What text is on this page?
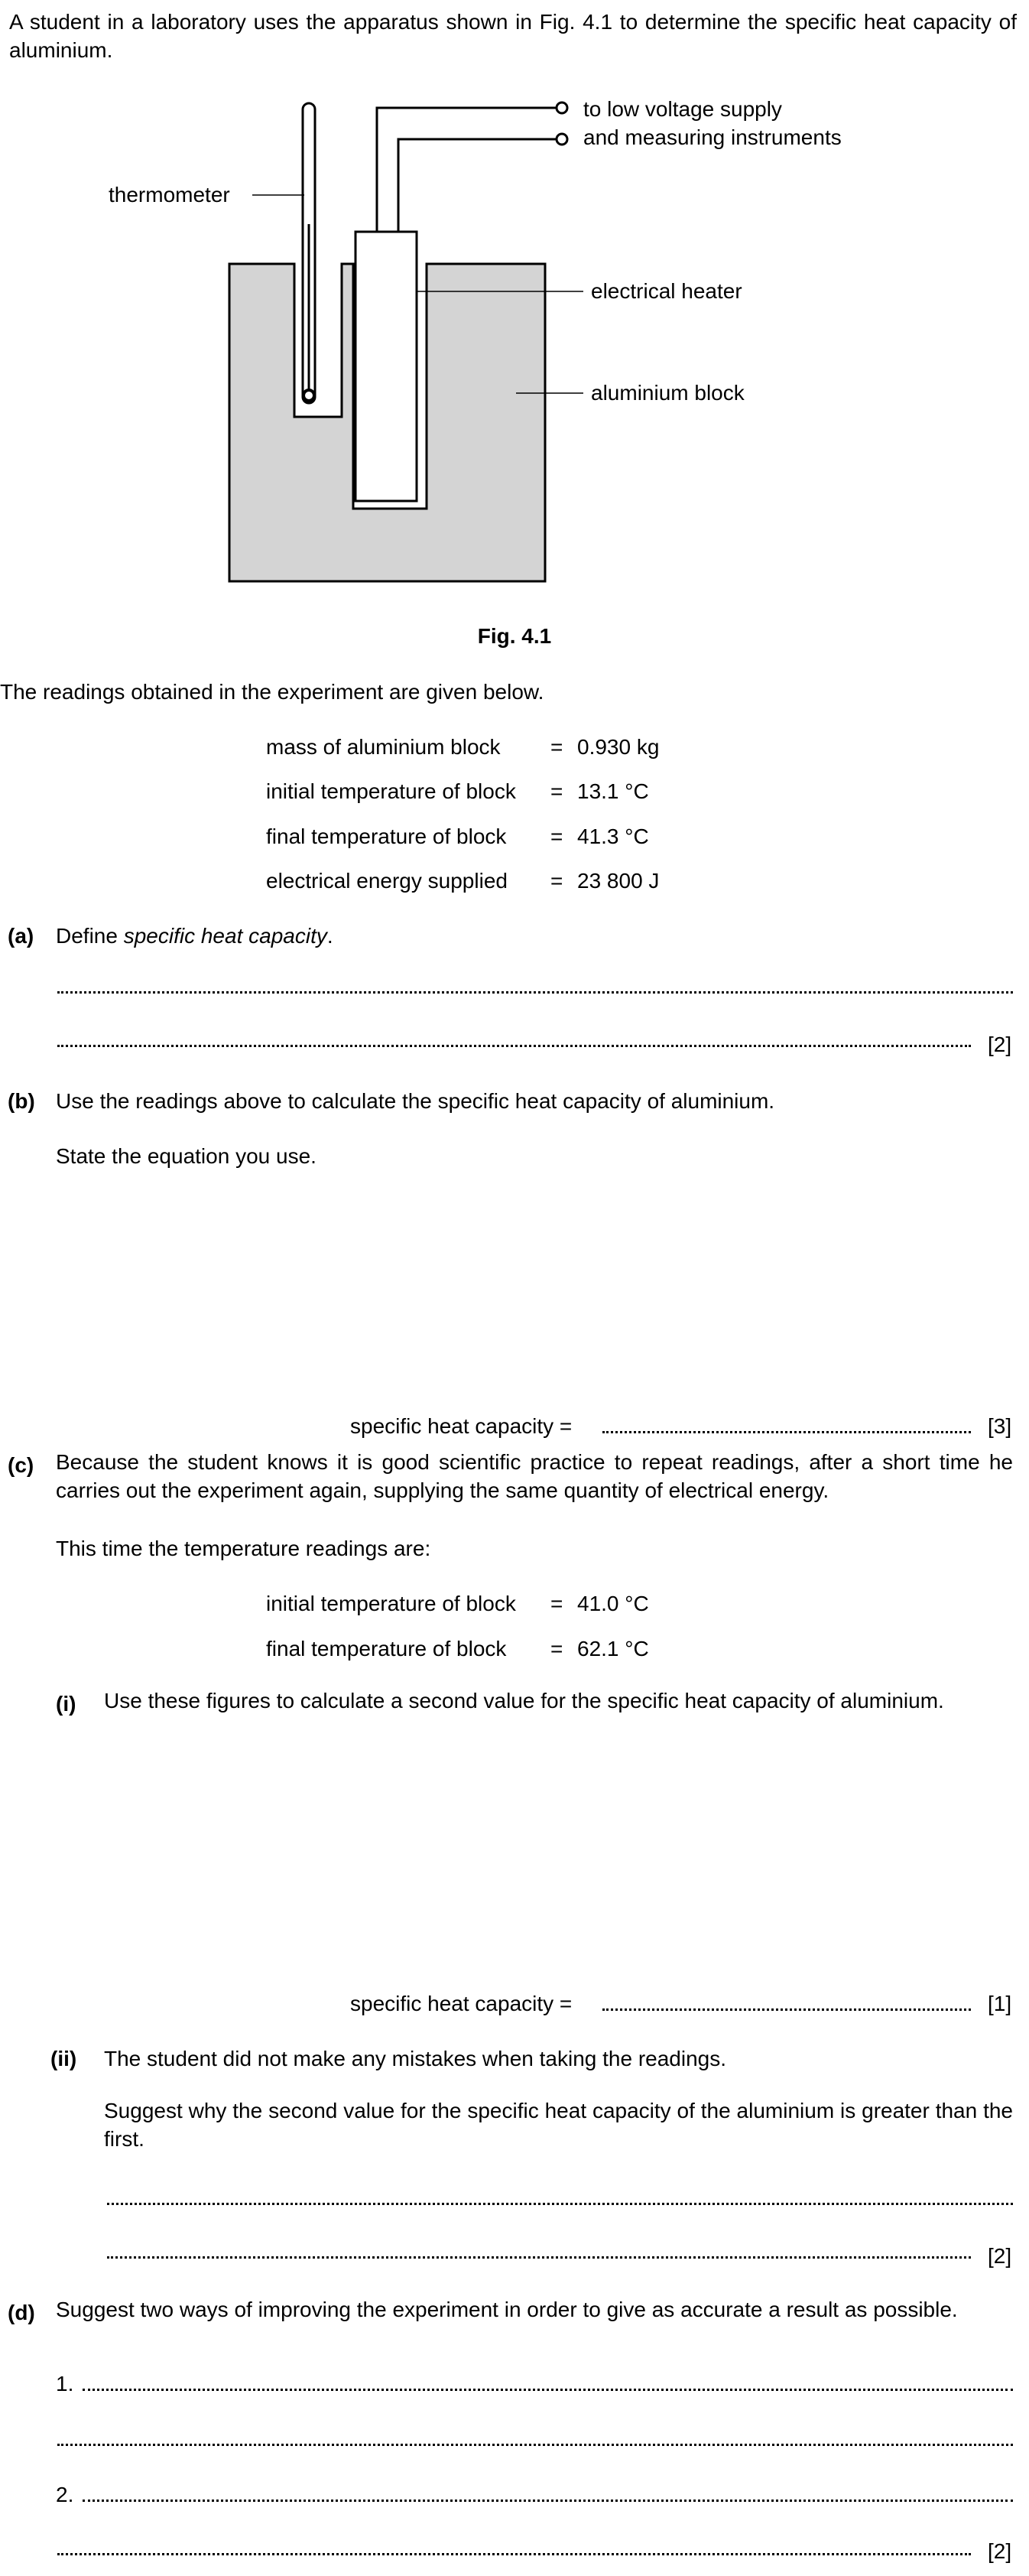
A student in a laboratory uses the apparatus shown in Fig. 4.1 to determine the specific heat capacity of aluminium.
to low voltage supply
and measuring instruments
thermometer
electrical heater
aluminium block
Fig. 4.1
The readings obtained in the experiment are given below.
mass of aluminium block = 0.930 kg
initial temperature of block = 13.1 °C
final temperature of block = 41.3 °C
electrical energy supplied = 23 800 J
(a) Define specific heat capacity.
[2]
(b) Use the readings above to calculate the specific heat capacity of aluminium.
State the equation you use.
specific heat capacity =	[3]
(c) Because the student knows it is good scientific practice to repeat readings, after a short time he carries out the experiment again, supplying the same quantity of electrical energy.
This time the temperature readings are:
initial temperature of block = 41.0 °C
final temperature of block = 62.1 °C
(i) Use these figures to calculate a second value for the specific heat capacity of aluminium.
specific heat capacity =	[1]
(ii) The student did not make any mistakes when taking the readings.
Suggest why the second value for the specific heat capacity of the aluminium is greater than the first.
[2]
(d) Suggest two ways of improving the experiment in order to give as accurate a result as possible.
1.
2.
[2]
